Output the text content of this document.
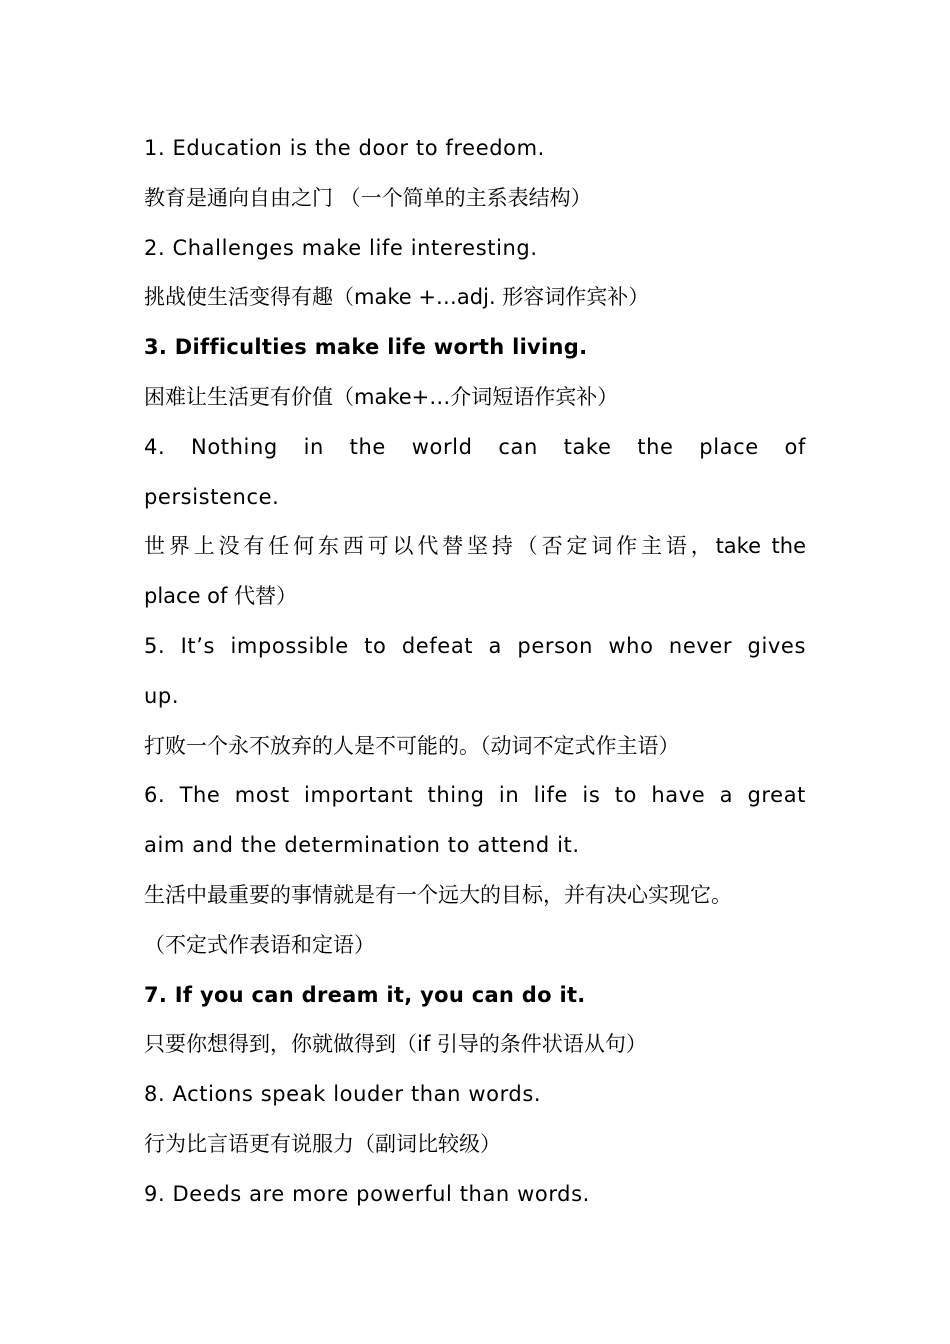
1. Education is the door to freedom.
教育是通向自由之门 （一个简单的主系表结构）
2. Challenges make life interesting.
挑战使生活变得有趣（make +…adj. 形容词作宾补）
3. Difficulties make life worth living.
困难让生活更有价值（make+…介词短语作宾补）
4. Nothing in the world can take the place of
persistence.
世界上没有任何东西可以代替坚持（否定词作主语，take the
place of 代替）
5. It’s impossible to defeat a person who never gives
up.
打败一个永不放弃的人是不可能的。（动词不定式作主语）
6. The most important thing in life is to have a great
aim and the determination to attend it.
生活中最重要的事情就是有一个远大的目标，并有决心实现它。
（不定式作表语和定语）
7. If you can dream it, you can do it.
只要你想得到，你就做得到（if 引导的条件状语从句）
8. Actions speak louder than words.
行为比言语更有说服力（副词比较级）
9. Deeds are more powerful than words.
